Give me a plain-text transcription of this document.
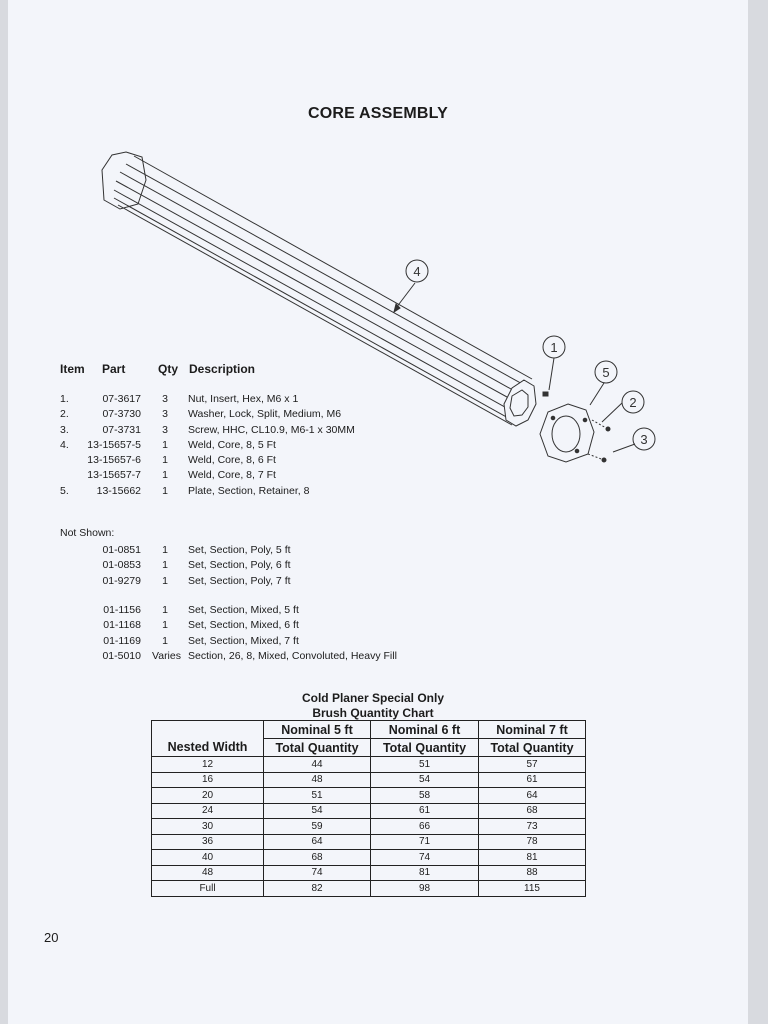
CORE ASSEMBLY
4
1
5
2
3
Item Part	Qty Description
1.	07-3617	3	Nut, Insert, Hex, M6 x 1
2.	07-3730	3	Washer, Lock, Split, Medium, M6
3.	07-3731	3	Screw, HHC, CL10.9, M6-1 x 30MM
4.	13-15657-5	1	Weld, Core, 8, 5 Ft
13-15657-6	1	Weld, Core, 8, 6 Ft
13-15657-7	1	Weld, Core, 8, 7 Ft
5.	13-15662	1	Plate, Section, Retainer, 8
Not Shown:
01-0851	1	Set, Section, Poly, 5 ft
01-0853	1	Set, Section, Poly, 6 ft
01-9279	1	Set, Section, Poly, 7 ft
01-1156	1	Set, Section, Mixed, 5 ft
01-1168	1	Set, Section, Mixed, 6 ft
01-1169	1	Set, Section, Mixed, 7 ft
01-5010 Varies Section, 26, 8, Mixed, Convoluted, Heavy Fill
Cold Planer Special Only
Brush Quantity Chart
	Nominal 5 ft	Nominal 6 ft	Nominal 7 ft
Nested Width	Total Quantity	Total Quantity	Total Quantity
12	44	51	57
16	48	54	61
20	51	58	64
24	54	61	68
30	59	66	73
36	64	71	78
40	68	74	81
48	74	81	88
Full	82	98	115
20
